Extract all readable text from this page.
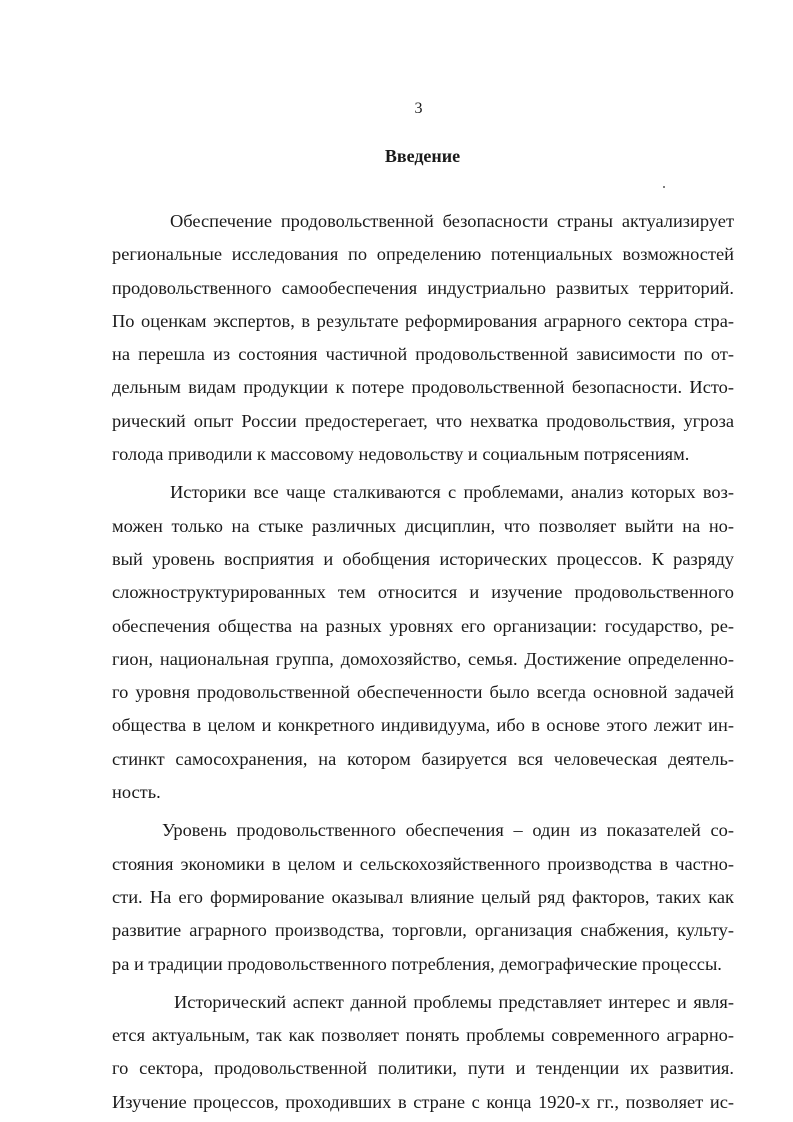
3
Введение
Обеспечение продовольственной безопасности страны актуализирует
региональные исследования по определению потенциальных возможностей
продовольственного самообеспечения индустриально развитых территорий.
По оценкам экспертов, в результате реформирования аграрного сектора стра-
на перешла из состояния частичной продовольственной зависимости по от-
дельным видам продукции к потере продовольственной безопасности. Исто-
рический опыт России предостерегает, что нехватка продовольствия, угроза
голода приводили к массовому недовольству и социальным потрясениям.
Историки все чаще сталкиваются с проблемами, анализ которых воз-
можен только на стыке различных дисциплин, что позволяет выйти на но-
вый уровень восприятия и обобщения исторических процессов. К разряду
сложноструктурированных тем относится и изучение продовольственного
обеспечения общества на разных уровнях его организации: государство, ре-
гион, национальная группа, домохозяйство, семья. Достижение определенно-
го уровня продовольственной обеспеченности было всегда основной задачей
общества в целом и конкретного индивидуума, ибо в основе этого лежит ин-
стинкт самосохранения, на котором базируется вся человеческая деятель-
ность.
Уровень продовольственного обеспечения – один из показателей со-
стояния экономики в целом и сельскохозяйственного производства в частно-
сти. На его формирование оказывал влияние целый ряд факторов, таких как
развитие аграрного производства, торговли, организация снабжения, культу-
ра и традиции продовольственного потребления, демографические процессы.
Исторический аспект данной проблемы представляет интерес и явля-
ется актуальным, так как позволяет понять проблемы современного аграрно-
го сектора, продовольственной политики, пути и тенденции их развития.
Изучение процессов, проходивших в стране с конца 1920-х гг., позволяет ис-
